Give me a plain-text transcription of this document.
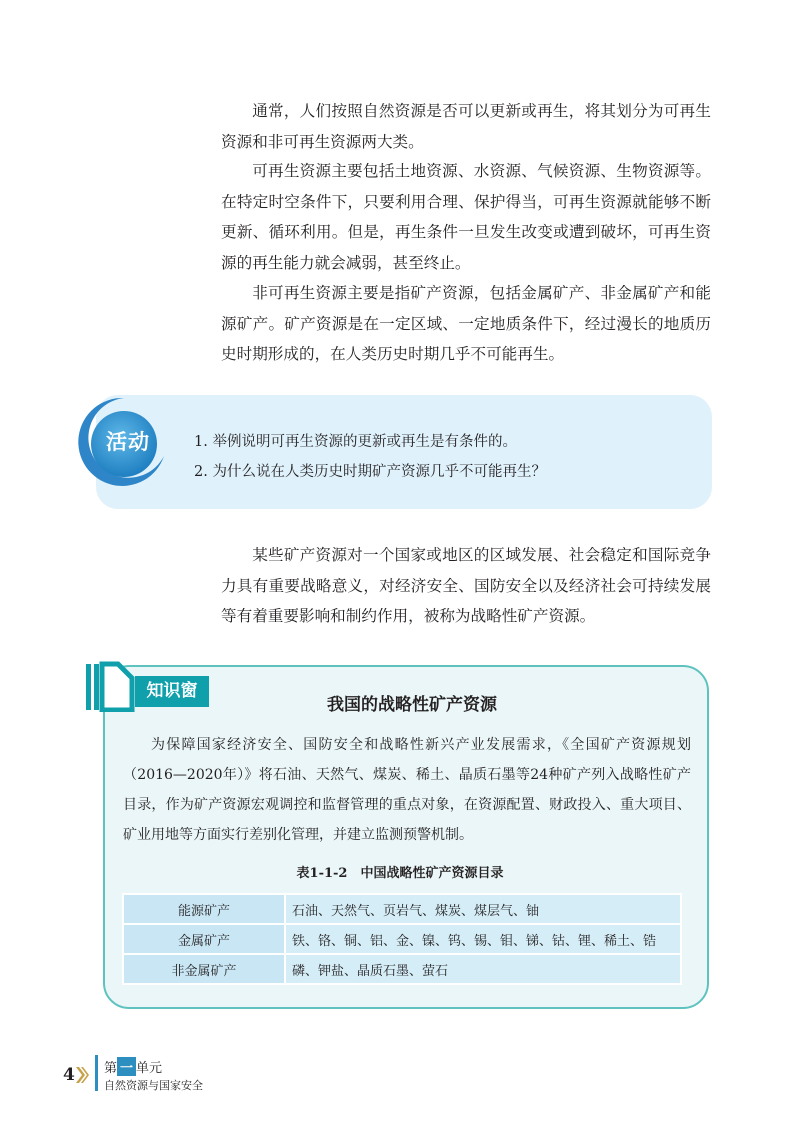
通常，人们按照自然资源是否可以更新或再生，将其划分为可再生资源和非可再生资源两大类。

可再生资源主要包括土地资源、水资源、气候资源、生物资源等。在特定时空条件下，只要利用合理、保护得当，可再生资源就能够不断更新、循环利用。但是，再生条件一旦发生改变或遭到破坏，可再生资源的再生能力就会减弱，甚至终止。

非可再生资源主要是指矿产资源，包括金属矿产、非金属矿产和能源矿产。矿产资源是在一定区域、一定地质条件下，经过漫长的地质历史时期形成的，在人类历史时期几乎不可能再生。

活动	1. 举例说明可再生资源的更新或再生是有条件的。
2. 为什么说在人类历史时期矿产资源几乎不可能再生？

某些矿产资源对一个国家或地区的区域发展、社会稳定和国际竞争力具有重要战略意义，对经济安全、国防安全以及经济社会可持续发展等有着重要影响和制约作用，被称为战略性矿产资源。

知识窗
我国的战略性矿产资源

为保障国家经济安全、国防安全和战略性新兴产业发展需求，《全国矿产资源规划（2016—2020年）》将石油、天然气、煤炭、稀土、晶质石墨等24种矿产列入战略性矿产目录，作为矿产资源宏观调控和监督管理的重点对象，在资源配置、财政投入、重大项目、矿业用地等方面实行差别化管理，并建立监测预警机制。

表1-1-2　中国战略性矿产资源目录
能源矿产	石油、天然气、页岩气、煤炭、煤层气、铀
金属矿产	铁、铬、铜、铝、金、镍、钨、锡、钼、锑、钴、锂、稀土、锆
非金属矿产	磷、钾盐、晶质石墨、萤石
4 第 一 单元
自然资源与国家安全
